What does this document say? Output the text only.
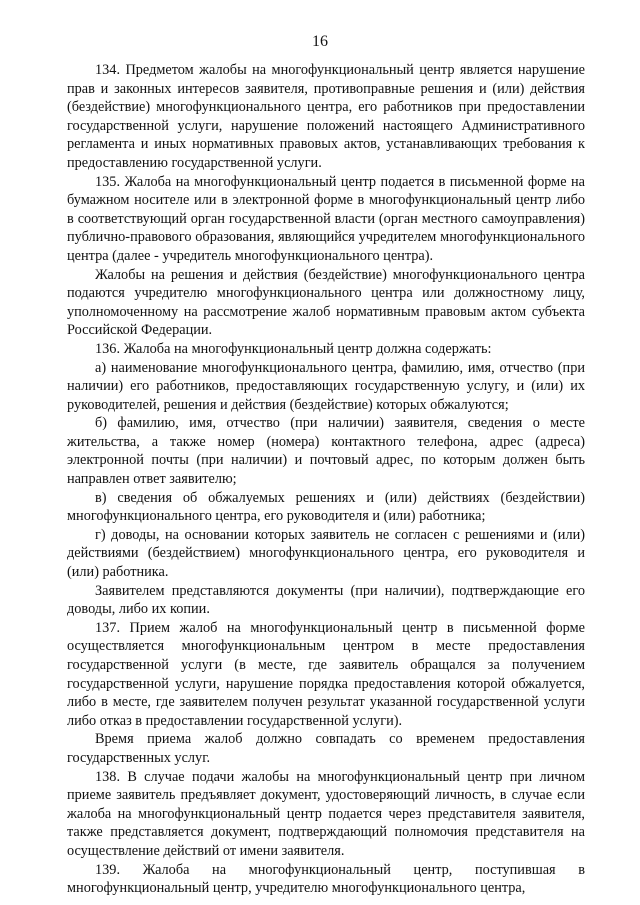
16

134. Предметом жалобы на многофункциональный центр является нарушение прав и законных интересов заявителя, противоправные решения и (или) действия (бездействие) многофункционального центра, его работников при предоставлении государственной услуги, нарушение положений настоящего Административного регламента и иных нормативных правовых актов, устанавливающих требования к предоставлению государственной услуги.

135. Жалоба на многофункциональный центр подается в письменной форме на бумажном носителе или в электронной форме в многофункциональный центр либо в соответствующий орган государственной власти (орган местного самоуправления) публично-правового образования, являющийся учредителем многофункционального центра (далее - учредитель многофункционального центра).

Жалобы на решения и действия (бездействие) многофункционального центра подаются учредителю многофункционального центра или должностному лицу, уполномоченному на рассмотрение жалоб нормативным правовым актом субъекта Российской Федерации.

136. Жалоба на многофункциональный центр должна содержать:

а) наименование многофункционального центра, фамилию, имя, отчество (при наличии) его работников, предоставляющих государственную услугу, и (или) их руководителей, решения и действия (бездействие) которых обжалуются;

б) фамилию, имя, отчество (при наличии) заявителя, сведения о месте жительства, а также номер (номера) контактного телефона, адрес (адреса) электронной почты (при наличии) и почтовый адрес, по которым должен быть направлен ответ заявителю;

в) сведения об обжалуемых решениях и (или) действиях (бездействии) многофункционального центра, его руководителя и (или) работника;

г) доводы, на основании которых заявитель не согласен с решениями и (или) действиями (бездействием) многофункционального центра, его руководителя и (или) работника.

Заявителем представляются документы (при наличии), подтверждающие его доводы, либо их копии.

137. Прием жалоб на многофункциональный центр в письменной форме осуществляется многофункциональным центром в месте предоставления государственной услуги (в месте, где заявитель обращался за получением государственной услуги, нарушение порядка предоставления которой обжалуется, либо в месте, где заявителем получен результат указанной государственной услуги либо отказ в предоставлении государственной услуги).

Время приема жалоб должно совпадать со временем предоставления государственных услуг.

138. В случае подачи жалобы на многофункциональный центр при личном приеме заявитель предъявляет документ, удостоверяющий личность, в случае если жалоба на многофункциональный центр подается через представителя заявителя, также представляется документ, подтверждающий полномочия представителя на осуществление действий от имени заявителя.

139. Жалоба на многофункциональный центр, поступившая в многофункциональный центр, учредителю многофункционального центра,
